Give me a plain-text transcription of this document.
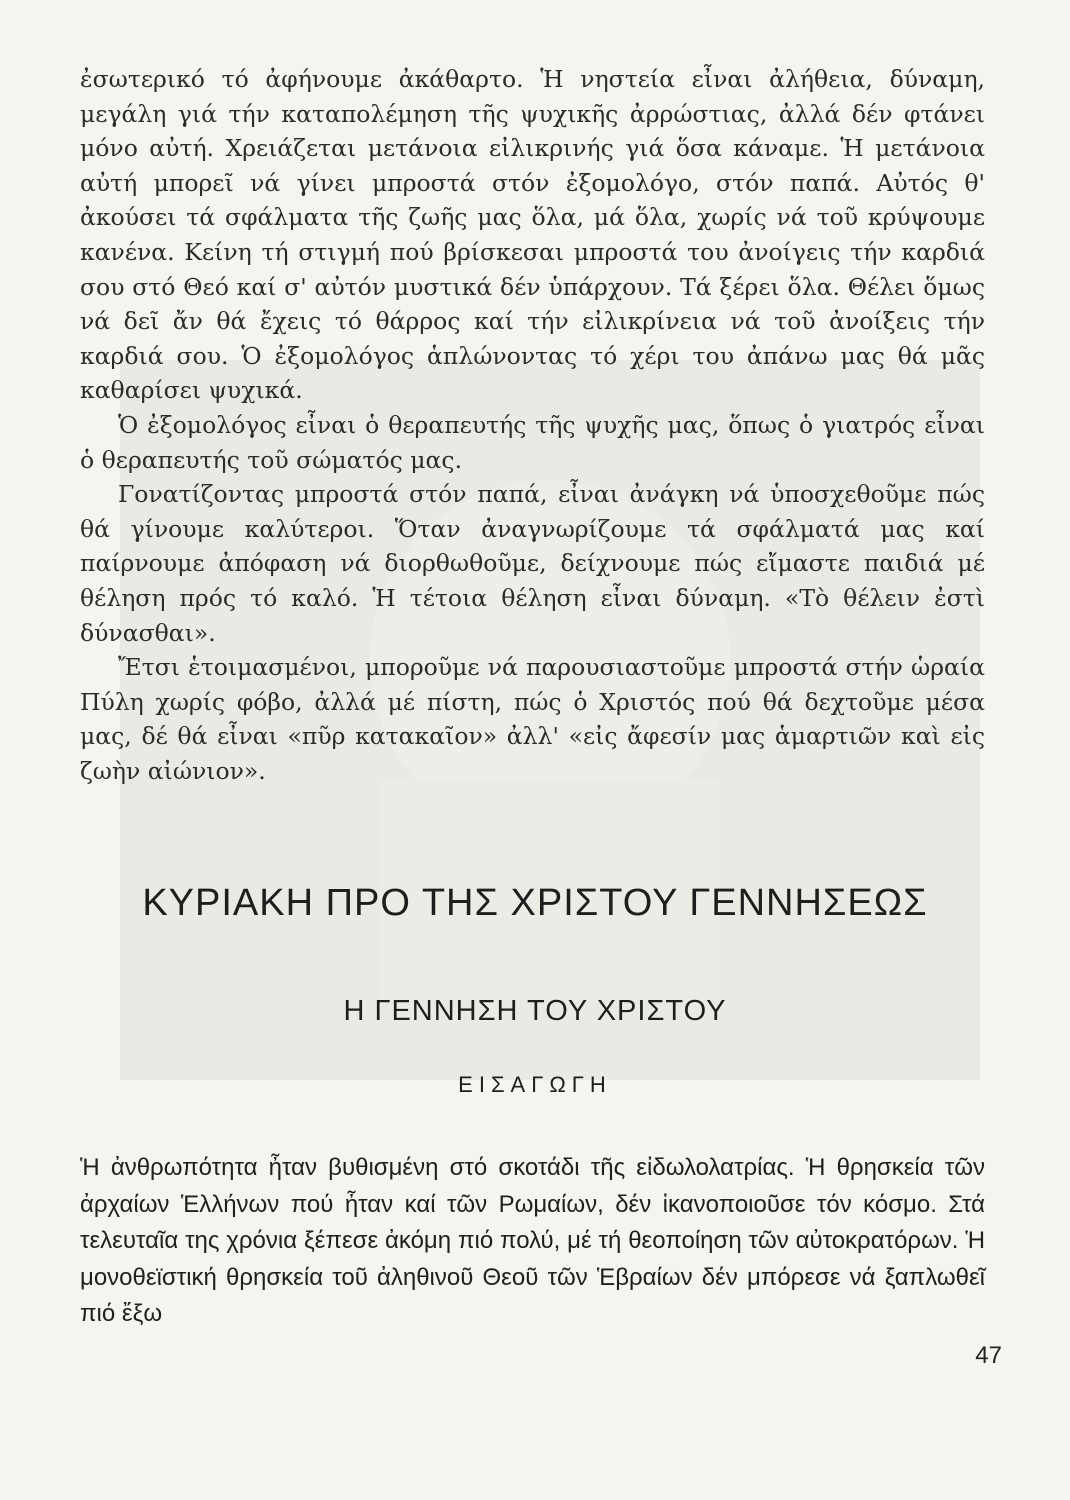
ἐσωτερικό τό ἀφήνουμε ἀκάθαρτο. Ἡ νηστεία εἶναι ἀλήθεια, δύναμη, μεγάλη γιά τήν καταπολέμηση τῆς ψυχικῆς ἀρρώστιας, ἀλλά δέν φτάνει μόνο αὐτή. Χρειάζεται μετάνοια εἰλικρινής γιά ὅσα κάναμε. Ἡ μετάνοια αὐτή μπορεῖ νά γίνει μπροστά στόν ἐξομολόγο, στόν παπά. Αὐτός θ' ἀκούσει τά σφάλματα τῆς ζωῆς μας ὅλα, μά ὅλα, χωρίς νά τοῦ κρύψουμε κανένα. Κείνη τή στιγμή πού βρίσκεσαι μπροστά του ἀνοίγεις τήν καρδιά σου στό Θεό καί σ' αὐτόν μυστικά δέν ὑπάρχουν. Τά ξέρει ὅλα. Θέλει ὅμως νά δεῖ ἄν θά ἔχεις τό θάρρος καί τήν εἰλικρίνεια νά τοῦ ἀνοίξεις τήν καρδιά σου. Ὁ ἐξομολόγος ἁπλώνοντας τό χέρι του ἀπάνω μας θά μᾶς καθαρίσει ψυχικά.

Ὁ ἐξομολόγος εἶναι ὁ θεραπευτής τῆς ψυχῆς μας, ὅπως ὁ γιατρός εἶναι ὁ θεραπευτής τοῦ σώματός μας.

Γονατίζοντας μπροστά στόν παπά, εἶναι ἀνάγκη νά ὑποσχεθοῦμε πώς θά γίνουμε καλύτεροι. Ὅταν ἀναγνωρίζουμε τά σφάλματά μας καί παίρνουμε ἀπόφαση νά διορθωθοῦμε, δείχνουμε πώς εἴμαστε παιδιά μέ θέληση πρός τό καλό. Ἡ τέτοια θέληση εἶναι δύναμη. «Τὸ θέλειν ἐστὶ δύνασθαι».

Ἔτσι ἑτοιμασμένοι, μποροῦμε νά παρουσιαστοῦμε μπροστά στήν ὡραία Πύλη χωρίς φόβο, ἀλλά μέ πίστη, πώς ὁ Χριστός πού θά δεχτοῦμε μέσα μας, δέ θά εἶναι «πῦρ κατακαῖον» ἀλλ' «εἰς ἄφεσίν μας ἁμαρτιῶν καὶ εἰς ζωὴν αἰώνιον».

ΚΥΡΙΑΚΗ ΠΡΟ ΤΗΣ ΧΡΙΣΤΟΥ ΓΕΝΝΗΣΕΩΣ
Η ΓΕΝΝΗΣΗ ΤΟΥ ΧΡΙΣΤΟΥ
ΕΙΣΑΓΩΓΗ

Ἡ ἀνθρωπότητα ἦταν βυθισμένη στό σκοτάδι τῆς εἰδωλολατρίας. Ἡ θρησκεία τῶν ἀρχαίων Ἑλλήνων πού ἦταν καί τῶν Ρωμαίων, δέν ἱκανοποιοῦσε τόν κόσμο. Στά τελευταῖα της χρόνια ξέπεσε ἀκόμη πιό πολύ, μέ τή θεοποίηση τῶν αὐτοκρατόρων. Ἡ μονοθεϊστική θρησκεία τοῦ ἀληθινοῦ Θεοῦ τῶν Ἑβραίων δέν μπόρεσε νά ξαπλωθεῖ πιό ἔξω

47
